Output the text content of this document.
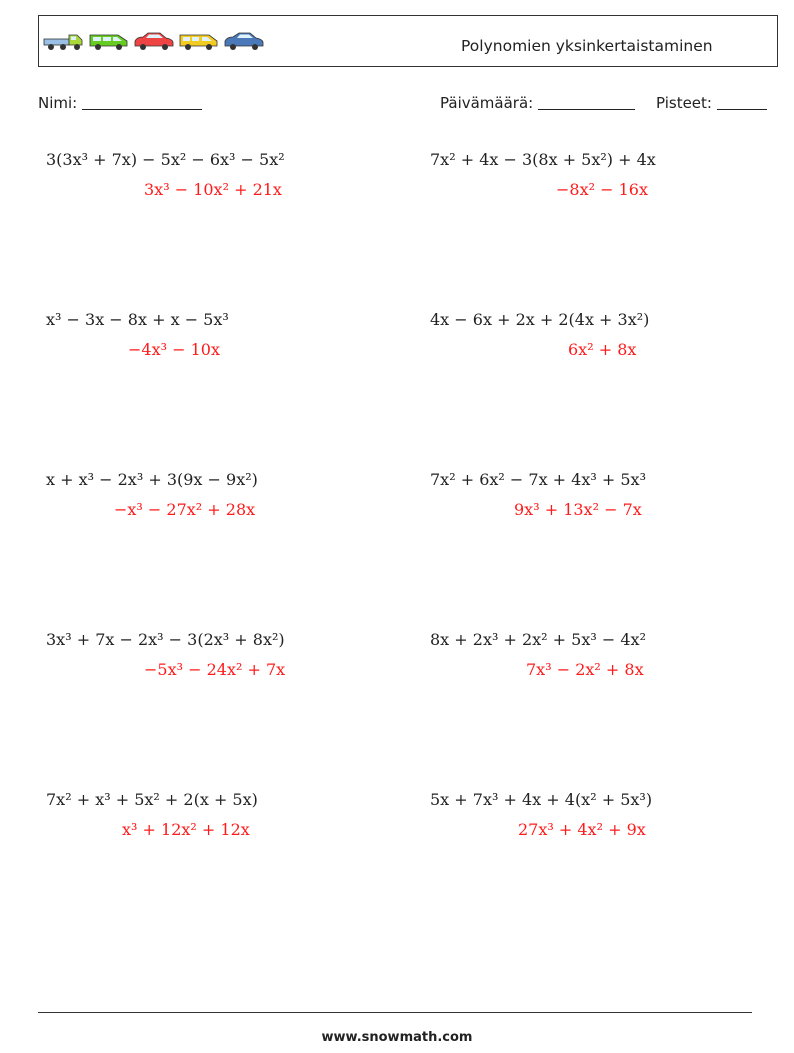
Polynomien yksinkertaistaminen
Nimi:	Päivämäärä:	Pisteet:
3(3x³ + 7x) − 5x² − 6x³ − 5x²
3x³ − 10x² + 21x
7x² + 4x − 3(8x + 5x²) + 4x
−8x² − 16x
x³ − 3x − 8x + x − 5x³
−4x³ − 10x
4x − 6x + 2x + 2(4x + 3x²)
6x² + 8x
x + x³ − 2x³ + 3(9x − 9x²)
−x³ − 27x² + 28x
7x² + 6x² − 7x + 4x³ + 5x³
9x³ + 13x² − 7x
3x³ + 7x − 2x³ − 3(2x³ + 8x²)
−5x³ − 24x² + 7x
8x + 2x³ + 2x² + 5x³ − 4x²
7x³ − 2x² + 8x
7x² + x³ + 5x² + 2(x + 5x)
x³ + 12x² + 12x
5x + 7x³ + 4x + 4(x² + 5x³)
27x³ + 4x² + 9x
www.snowmath.com
